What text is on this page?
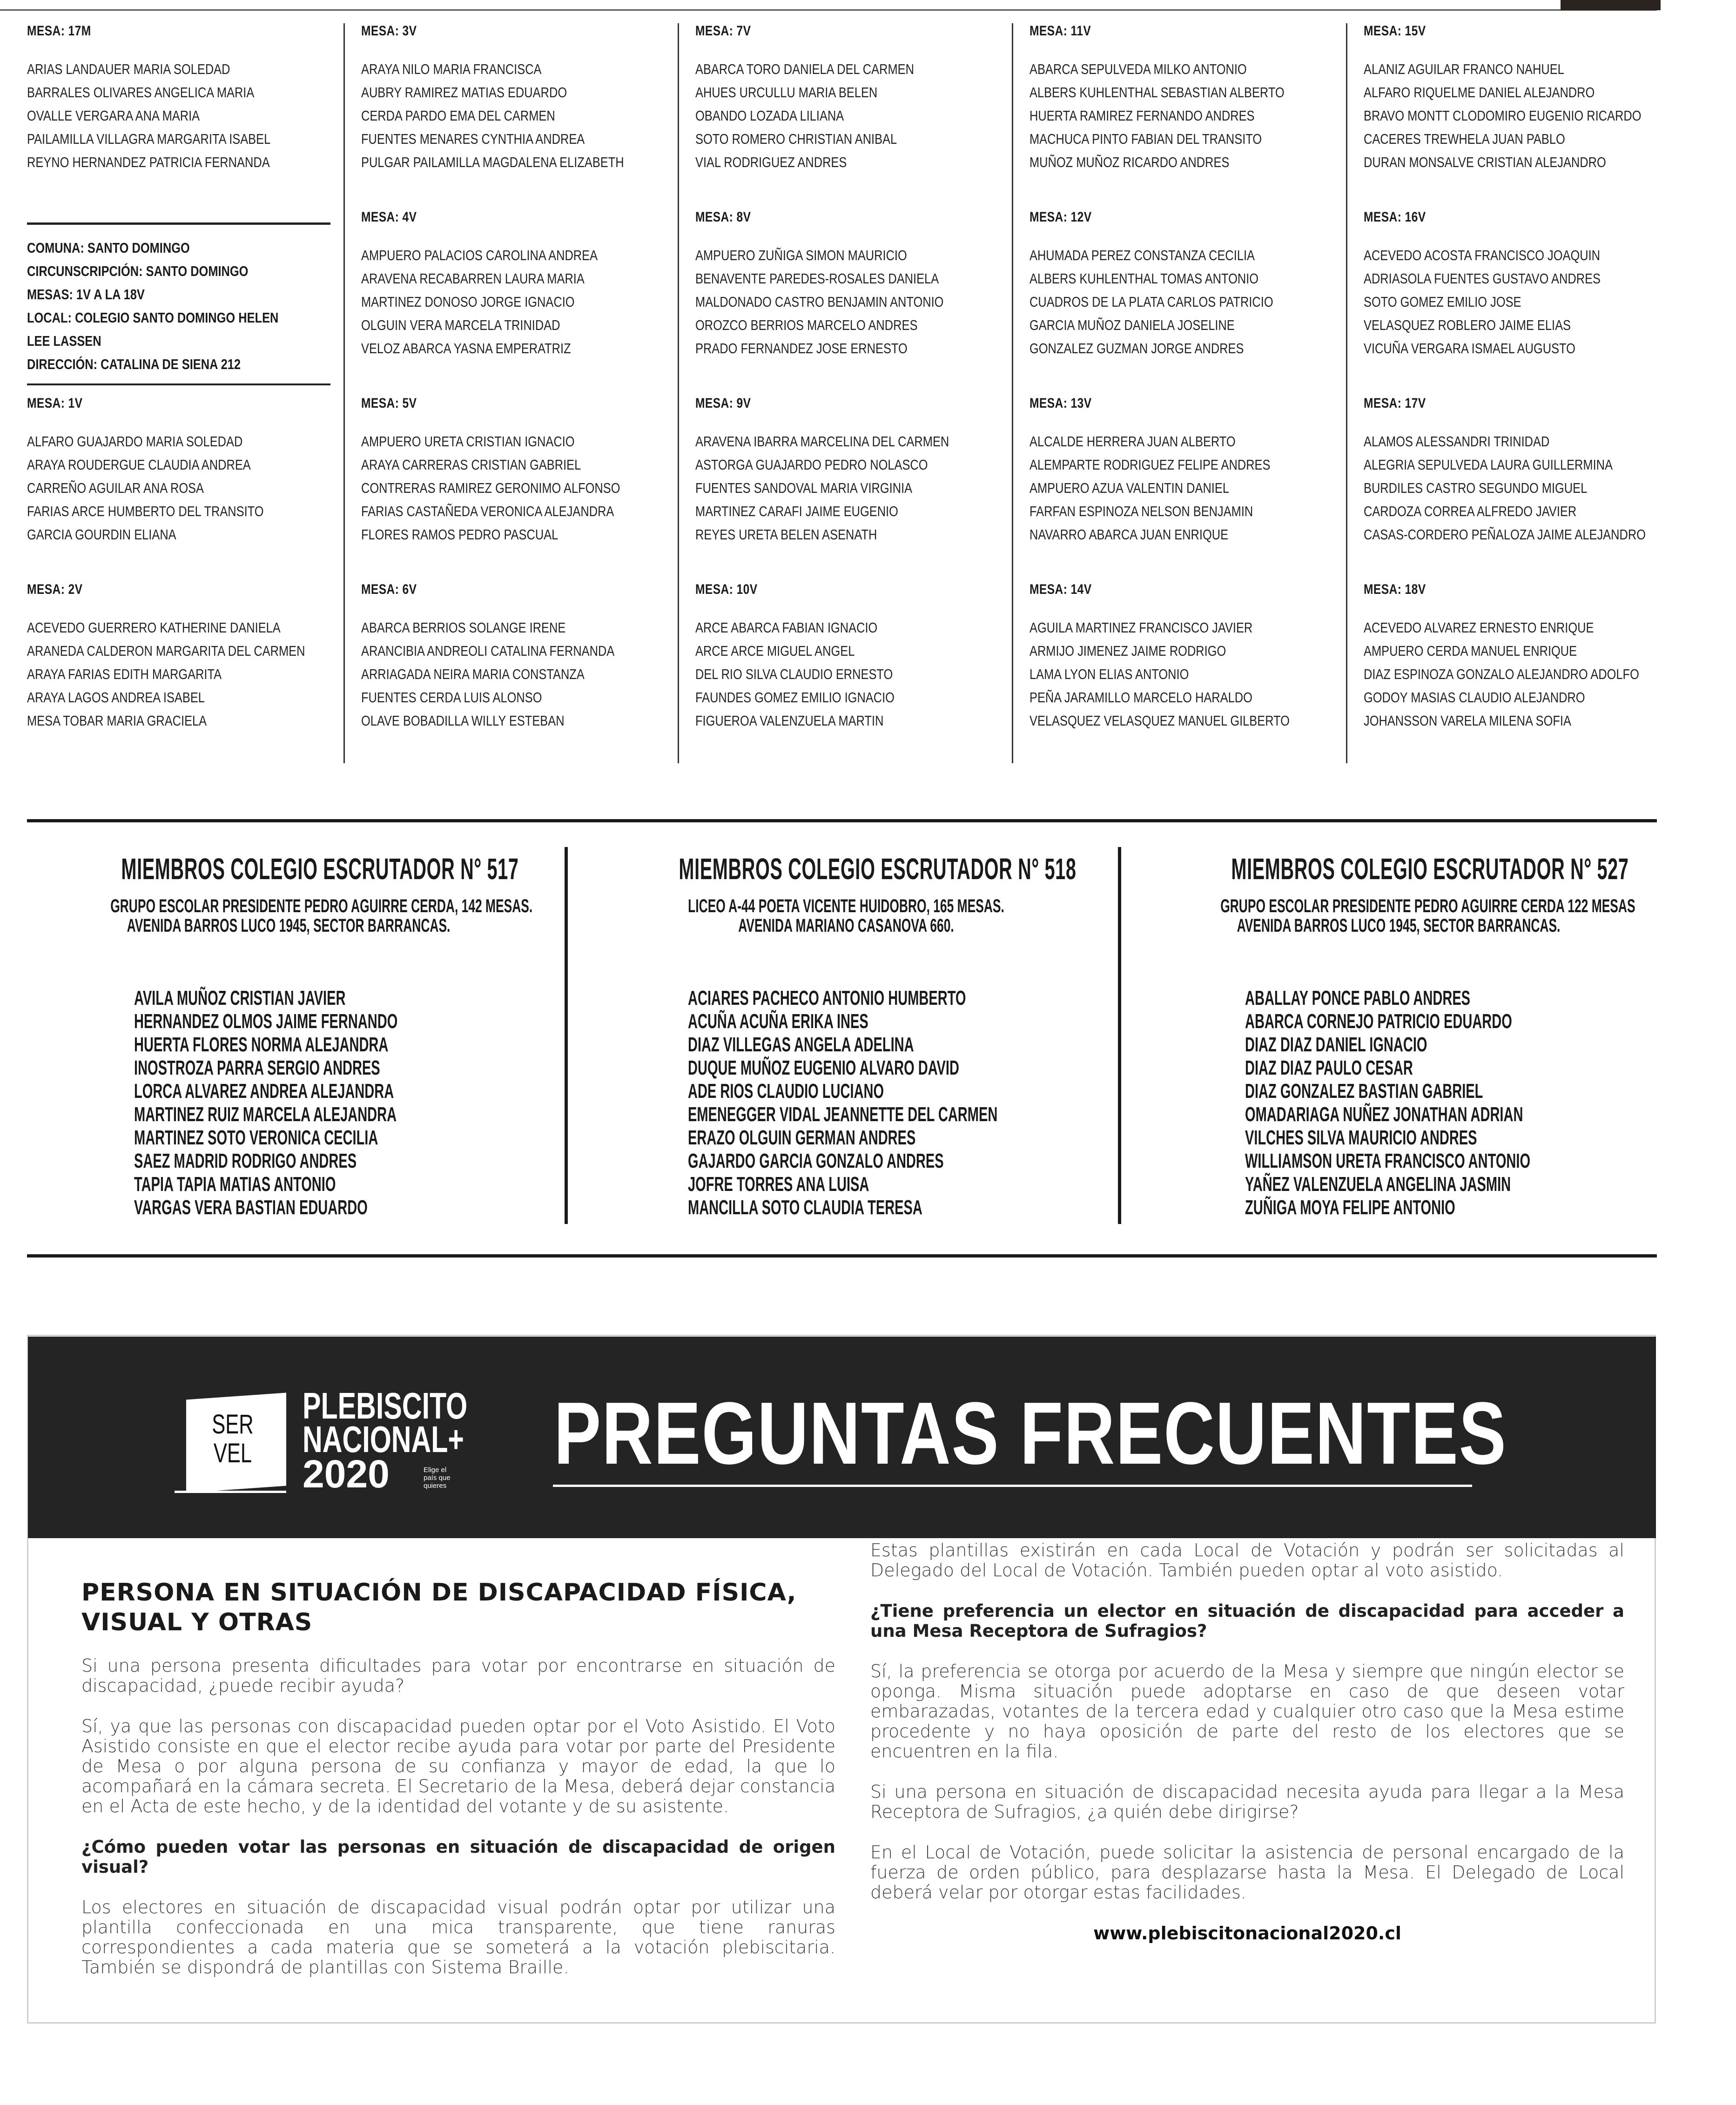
MESA: 17M
ARIAS LANDAUER MARIA SOLEDAD
BARRALES OLIVARES ANGELICA MARIA
OVALLE VERGARA ANA MARIA
PAILAMILLA VILLAGRA MARGARITA ISABEL
REYNO HERNANDEZ PATRICIA FERNANDA
COMUNA: SANTO DOMINGO
CIRCUNSCRIPCIÓN: SANTO DOMINGO
MESAS: 1V A LA 18V
LOCAL: COLEGIO SANTO DOMINGO HELEN
LEE LASSEN
DIRECCIÓN: CATALINA DE SIENA 212
MESA: 1V
ALFARO GUAJARDO MARIA SOLEDAD
ARAYA ROUDERGUE CLAUDIA ANDREA
CARREÑO AGUILAR ANA ROSA
FARIAS ARCE HUMBERTO DEL TRANSITO
GARCIA GOURDIN ELIANA
MESA: 2V
ACEVEDO GUERRERO KATHERINE DANIELA
ARANEDA CALDERON MARGARITA DEL CARMEN
ARAYA FARIAS EDITH MARGARITA
ARAYA LAGOS ANDREA ISABEL
MESA TOBAR MARIA GRACIELA
MESA: 3V
ARAYA NILO MARIA FRANCISCA
AUBRY RAMIREZ MATIAS EDUARDO
CERDA PARDO EMA DEL CARMEN
FUENTES MENARES CYNTHIA ANDREA
PULGAR PAILAMILLA MAGDALENA ELIZABETH
MESA: 4V
AMPUERO PALACIOS CAROLINA ANDREA
ARAVENA RECABARREN LAURA MARIA
MARTINEZ DONOSO JORGE IGNACIO
OLGUIN VERA MARCELA TRINIDAD
VELOZ ABARCA YASNA EMPERATRIZ
MESA: 5V
AMPUERO URETA CRISTIAN IGNACIO
ARAYA CARRERAS CRISTIAN GABRIEL
CONTRERAS RAMIREZ GERONIMO ALFONSO
FARIAS CASTAÑEDA VERONICA ALEJANDRA
FLORES RAMOS PEDRO PASCUAL
MESA: 6V
ABARCA BERRIOS SOLANGE IRENE
ARANCIBIA ANDREOLI CATALINA FERNANDA
ARRIAGADA NEIRA MARIA CONSTANZA
FUENTES CERDA LUIS ALONSO
OLAVE BOBADILLA WILLY ESTEBAN
MESA: 7V
ABARCA TORO DANIELA DEL CARMEN
AHUES URCULLU MARIA BELEN
OBANDO LOZADA LILIANA
SOTO ROMERO CHRISTIAN ANIBAL
VIAL RODRIGUEZ ANDRES
MESA: 8V
AMPUERO ZUÑIGA SIMON MAURICIO
BENAVENTE PAREDES-ROSALES DANIELA
MALDONADO CASTRO BENJAMIN ANTONIO
OROZCO BERRIOS MARCELO ANDRES
PRADO FERNANDEZ JOSE ERNESTO
MESA: 9V
ARAVENA IBARRA MARCELINA DEL CARMEN
ASTORGA GUAJARDO PEDRO NOLASCO
FUENTES SANDOVAL MARIA VIRGINIA
MARTINEZ CARAFI JAIME EUGENIO
REYES URETA BELEN ASENATH
MESA: 10V
ARCE ABARCA FABIAN IGNACIO
ARCE ARCE MIGUEL ANGEL
DEL RIO SILVA CLAUDIO ERNESTO
FAUNDES GOMEZ EMILIO IGNACIO
FIGUEROA VALENZUELA MARTIN
MESA: 11V
ABARCA SEPULVEDA MILKO ANTONIO
ALBERS KUHLENTHAL SEBASTIAN ALBERTO
HUERTA RAMIREZ FERNANDO ANDRES
MACHUCA PINTO FABIAN DEL TRANSITO
MUÑOZ MUÑOZ RICARDO ANDRES
MESA: 12V
AHUMADA PEREZ CONSTANZA CECILIA
ALBERS KUHLENTHAL TOMAS ANTONIO
CUADROS DE LA PLATA CARLOS PATRICIO
GARCIA MUÑOZ DANIELA JOSELINE
GONZALEZ GUZMAN JORGE ANDRES
MESA: 13V
ALCALDE HERRERA JUAN ALBERTO
ALEMPARTE RODRIGUEZ FELIPE ANDRES
AMPUERO AZUA VALENTIN DANIEL
FARFAN ESPINOZA NELSON BENJAMIN
NAVARRO ABARCA JUAN ENRIQUE
MESA: 14V
AGUILA MARTINEZ FRANCISCO JAVIER
ARMIJO JIMENEZ JAIME RODRIGO
LAMA LYON ELIAS ANTONIO
PEÑA JARAMILLO MARCELO HARALDO
VELASQUEZ VELASQUEZ MANUEL GILBERTO
MESA: 15V
ALANIZ AGUILAR FRANCO NAHUEL
ALFARO RIQUELME DANIEL ALEJANDRO
BRAVO MONTT CLODOMIRO EUGENIO RICARDO
CACERES TREWHELA JUAN PABLO
DURAN MONSALVE CRISTIAN ALEJANDRO
MESA: 16V
ACEVEDO ACOSTA FRANCISCO JOAQUIN
ADRIASOLA FUENTES GUSTAVO ANDRES
SOTO GOMEZ EMILIO JOSE
VELASQUEZ ROBLERO JAIME ELIAS
VICUÑA VERGARA ISMAEL AUGUSTO
MESA: 17V
ALAMOS ALESSANDRI TRINIDAD
ALEGRIA SEPULVEDA LAURA GUILLERMINA
BURDILES CASTRO SEGUNDO MIGUEL
CARDOZA CORREA ALFREDO JAVIER
CASAS-CORDERO PEÑALOZA JAIME ALEJANDRO
MESA: 18V
ACEVEDO ALVAREZ ERNESTO ENRIQUE
AMPUERO CERDA MANUEL ENRIQUE
DIAZ ESPINOZA GONZALO ALEJANDRO ADOLFO
GODOY MASIAS CLAUDIO ALEJANDRO
JOHANSSON VARELA MILENA SOFIA
MIEMBROS COLEGIO ESCRUTADOR N° 517
GRUPO ESCOLAR PRESIDENTE PEDRO AGUIRRE CERDA, 142 MESAS.
AVENIDA BARROS LUCO 1945, SECTOR BARRANCAS.
AVILA MUÑOZ CRISTIAN JAVIER
HERNANDEZ OLMOS JAIME FERNANDO
HUERTA FLORES NORMA ALEJANDRA
INOSTROZA PARRA SERGIO ANDRES
LORCA ALVAREZ ANDREA ALEJANDRA
MARTINEZ RUIZ MARCELA ALEJANDRA
MARTINEZ SOTO VERONICA CECILIA
SAEZ MADRID RODRIGO ANDRES
TAPIA TAPIA MATIAS ANTONIO
VARGAS VERA BASTIAN EDUARDO
MIEMBROS COLEGIO ESCRUTADOR N° 518
LICEO A-44 POETA VICENTE HUIDOBRO, 165 MESAS.
AVENIDA MARIANO CASANOVA 660.
ACIARES PACHECO ANTONIO HUMBERTO
ACUÑA ACUÑA ERIKA INES
DIAZ VILLEGAS ANGELA ADELINA
DUQUE MUÑOZ EUGENIO ALVARO DAVID
ADE RIOS CLAUDIO LUCIANO
EMENEGGER VIDAL JEANNETTE DEL CARMEN
ERAZO OLGUIN GERMAN ANDRES
GAJARDO GARCIA GONZALO ANDRES
JOFRE TORRES ANA LUISA
MANCILLA SOTO CLAUDIA TERESA
MIEMBROS COLEGIO ESCRUTADOR N° 527
GRUPO ESCOLAR PRESIDENTE PEDRO AGUIRRE CERDA 122 MESAS
AVENIDA BARROS LUCO 1945, SECTOR BARRANCAS.
ABALLAY PONCE PABLO ANDRES
ABARCA CORNEJO PATRICIO EDUARDO
DIAZ DIAZ DANIEL IGNACIO
DIAZ DIAZ PAULO CESAR
DIAZ GONZALEZ BASTIAN GABRIEL
OMADARIAGA NUÑEZ JONATHAN ADRIAN
VILCHES SILVA MAURICIO ANDRES
WILLIAMSON URETA FRANCISCO ANTONIO
YAÑEZ VALENZUELA ANGELINA JASMIN
ZUÑIGA MOYA FELIPE ANTONIO
SER
VEL
PLEBISCITO
NACIONAL+
2020	Elige el país que quieres
PREGUNTAS FRECUENTES
PERSONA EN SITUACIÓN DE DISCAPACIDAD FÍSICA, VISUAL Y OTRAS

Si una persona presenta dificultades para votar por encontrarse en situación de discapacidad, ¿puede recibir ayuda?

Sí, ya que las personas con discapacidad pueden optar por el Voto Asistido. El Voto Asistido consiste en que el elector recibe ayuda para votar por parte del Presidente de Mesa o por alguna persona de su confianza y mayor de edad, la que lo acompañará en la cámara secreta. El Secretario de la Mesa, deberá dejar constancia en el Acta de este hecho, y de la identidad del votante y de su asistente.

¿Cómo pueden votar las personas en situación de discapacidad de origen visual?

Los electores en situación de discapacidad visual podrán optar por utilizar una plantilla confeccionada en una mica transparente, que tiene ranuras correspondientes a cada materia que se someterá a la votación plebiscitaria. También se dispondrá de plantillas con Sistema Braille.

Estas plantillas existirán en cada Local de Votación y podrán ser solicitadas al Delegado del Local de Votación. También pueden optar al voto asistido.

¿Tiene preferencia un elector en situación de discapacidad para acceder a una Mesa Receptora de Sufragios?

Sí, la preferencia se otorga por acuerdo de la Mesa y siempre que ningún elector se oponga. Misma situación puede adoptarse en caso de que deseen votar embarazadas, votantes de la tercera edad y cualquier otro caso que la Mesa estime procedente y no haya oposición de parte del resto de los electores que se encuentren en la fila.

Si una persona en situación de discapacidad necesita ayuda para llegar a la Mesa Receptora de Sufragios, ¿a quién debe dirigirse?

En el Local de Votación, puede solicitar la asistencia de personal encargado de la fuerza de orden público, para desplazarse hasta la Mesa. El Delegado de Local deberá velar por otorgar estas facilidades.

www.plebiscitonacional2020.cl
